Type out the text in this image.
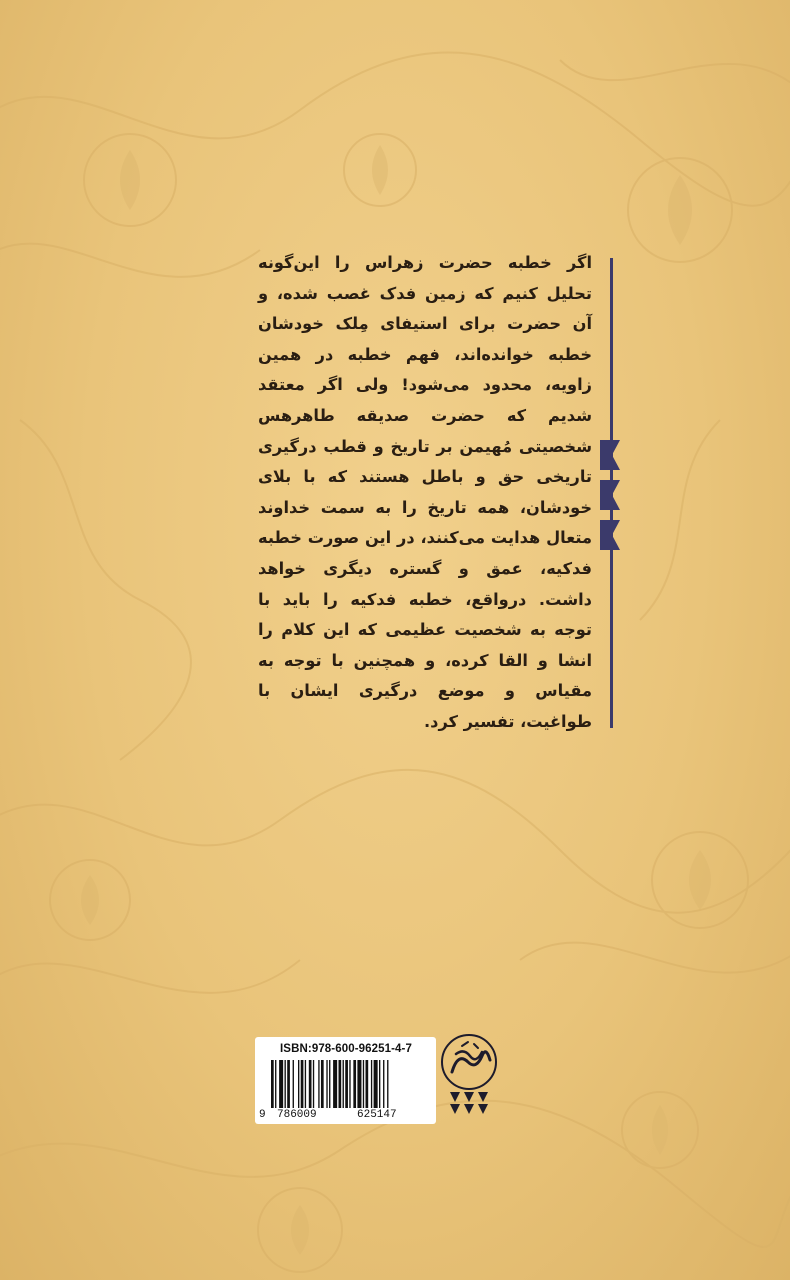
اگر خطبه حضرت زهراس را این‌گونه تحلیل کنیم که زمین فدک غصب شده، و آن حضرت برای استیفای مِلک خودشان خطبه خوانده‌اند، فهم خطبه در همین زاویه، محدود می‌شود! ولی اگر معتقد شدیم که حضرت صدیقه طاهرهس شخصیتی مُهیمن بر تاریخ و قطب درگیری تاریخی حق و باطل هستند که با بلای خودشان، همه تاریخ را به سمت خداوند متعال هدایت می‌کنند، در این صورت خطبه فدکیه، عمق و گستره دیگری خواهد داشت. درواقع، خطبه فدکیه را باید با توجه به شخصیت عظیمی که این کلام را انشا و القا کرده، و همچنین با توجه به مقیاس و موضع درگیری ایشان با طواغیت، تفسیر کرد.

ISBN:978-600-96251-4-7
9 786009	625147
